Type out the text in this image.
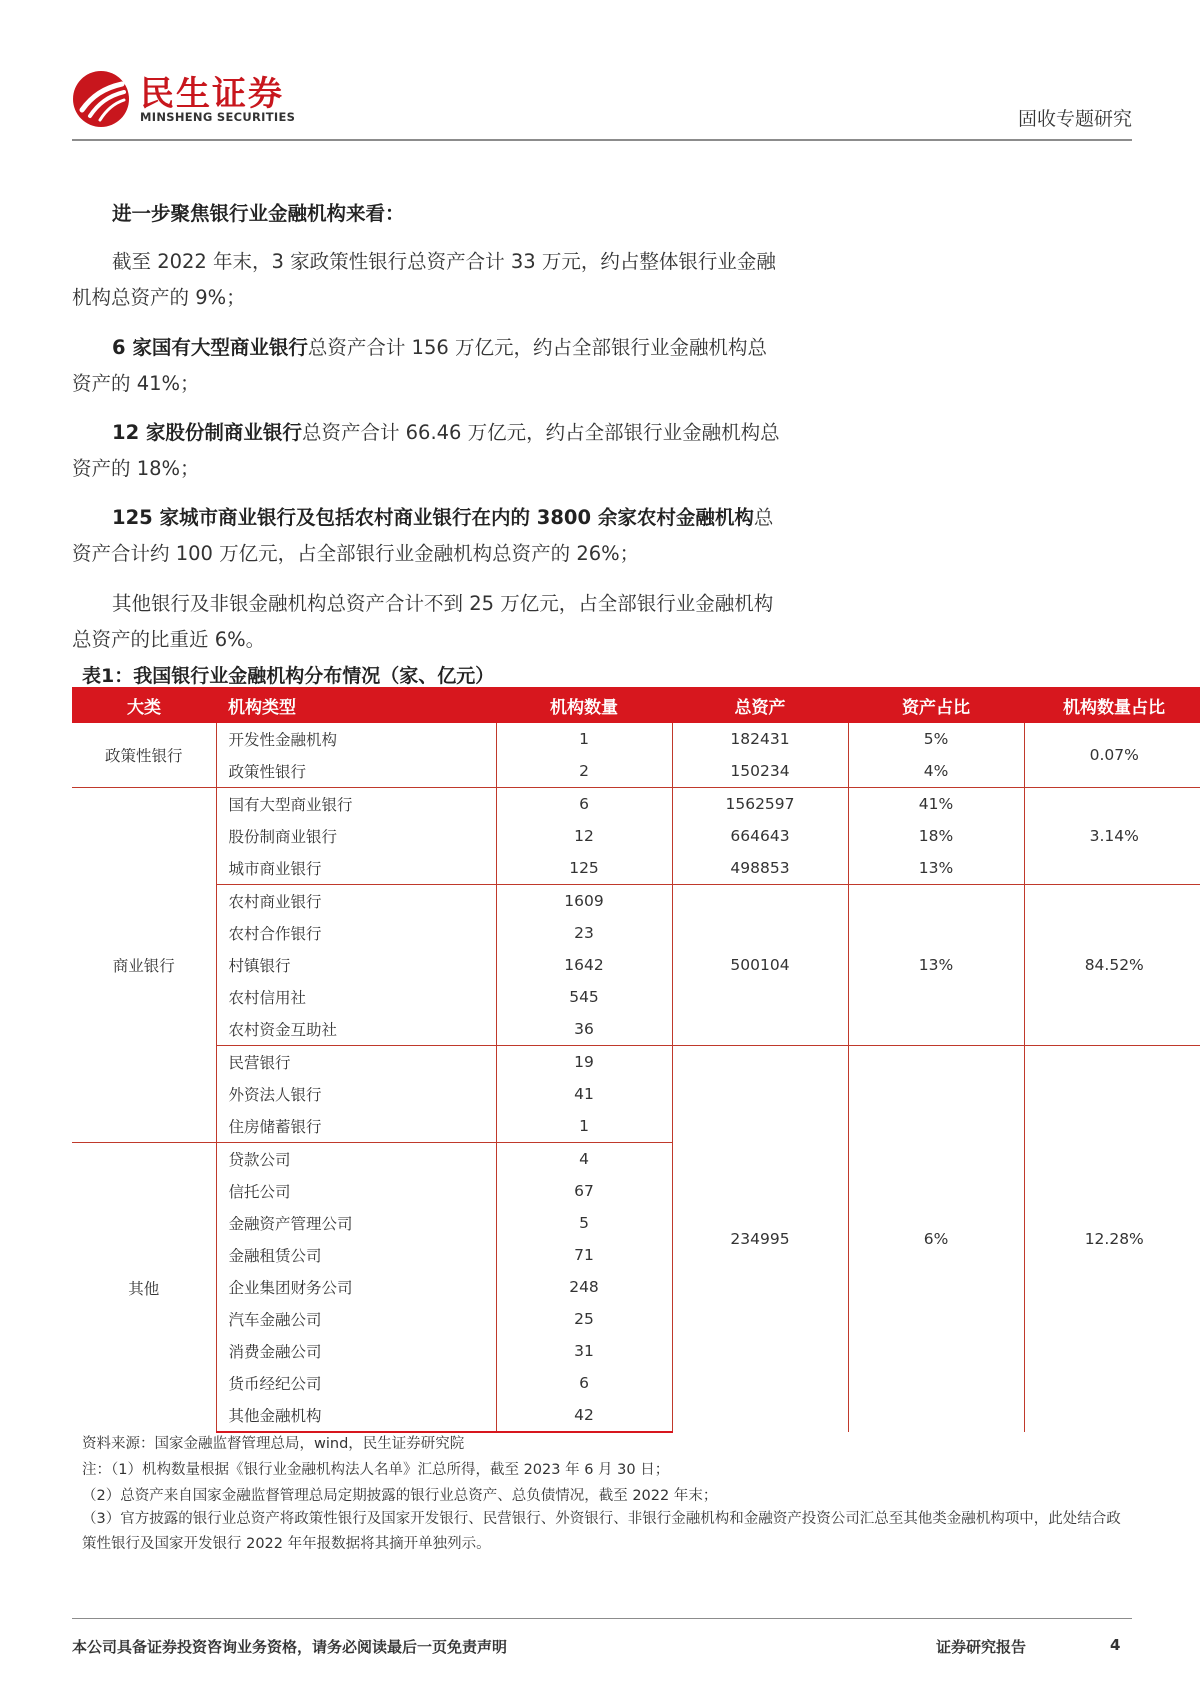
民生证券
MINSHENG SECURITIES	固收专题研究
进一步聚焦银行业金融机构来看：
截至 2022 年末，3 家政策性银行总资产合计 33 万元，约占整体银行业金融
机构总资产的 9%；
6 家国有大型商业银行总资产合计 156 万亿元，约占全部银行业金融机构总
资产的 41%；
12 家股份制商业银行总资产合计 66.46 万亿元，约占全部银行业金融机构总
资产的 18%；
125 家城市商业银行及包括农村商业银行在内的 3800 余家农村金融机构总
资产合计约 100 万亿元，占全部银行业金融机构总资产的 26%；
其他银行及非银金融机构总资产合计不到 25 万亿元，占全部银行业金融机构
总资产的比重近 6%。
表1：我国银行业金融机构分布情况（家、亿元）
大类	机构类型	机构数量	总资产	资产占比	机构数量占比
政策性银行	开发性金融机构	1	182431	5%	0.07%
	政策性银行	2	150234	4%	
商业银行	国有大型商业银行	6	1562597	41%	3.14%
	股份制商业银行	12	664643	18%	
	城市商业银行	125	498853	13%	
	农村商业银行	1609	500104	13%	84.52%
	农村合作银行	23			
	村镇银行	1642			
	农村信用社	545			
	农村资金互助社	36			
	民营银行	19	234995	6%	12.28%
	外资法人银行	41			
	住房储蓄银行	1			
其他	贷款公司	4			
	信托公司	67			
	金融资产管理公司	5			
	金融租赁公司	71			
	企业集团财务公司	248			
	汽车金融公司	25			
	消费金融公司	31			
	货币经纪公司	6			
	其他金融机构	42			
资料来源：国家金融监督管理总局，wind，民生证券研究院
注：（1）机构数量根据《银行业金融机构法人名单》汇总所得，截至 2023 年 6 月 30 日；
（2）总资产来自国家金融监督管理总局定期披露的银行业总资产、总负债情况，截至 2022 年末；
（3）官方披露的银行业总资产将政策性银行及国家开发银行、民营银行、外资银行、非银行金融机构和金融资产投资公司汇总至其他类金融机构项中，此处结合政策性银行及国家开发银行 2022 年年报数据将其摘开单独列示。
本公司具备证券投资咨询业务资格，请务必阅读最后一页免责声明	证券研究报告	4
